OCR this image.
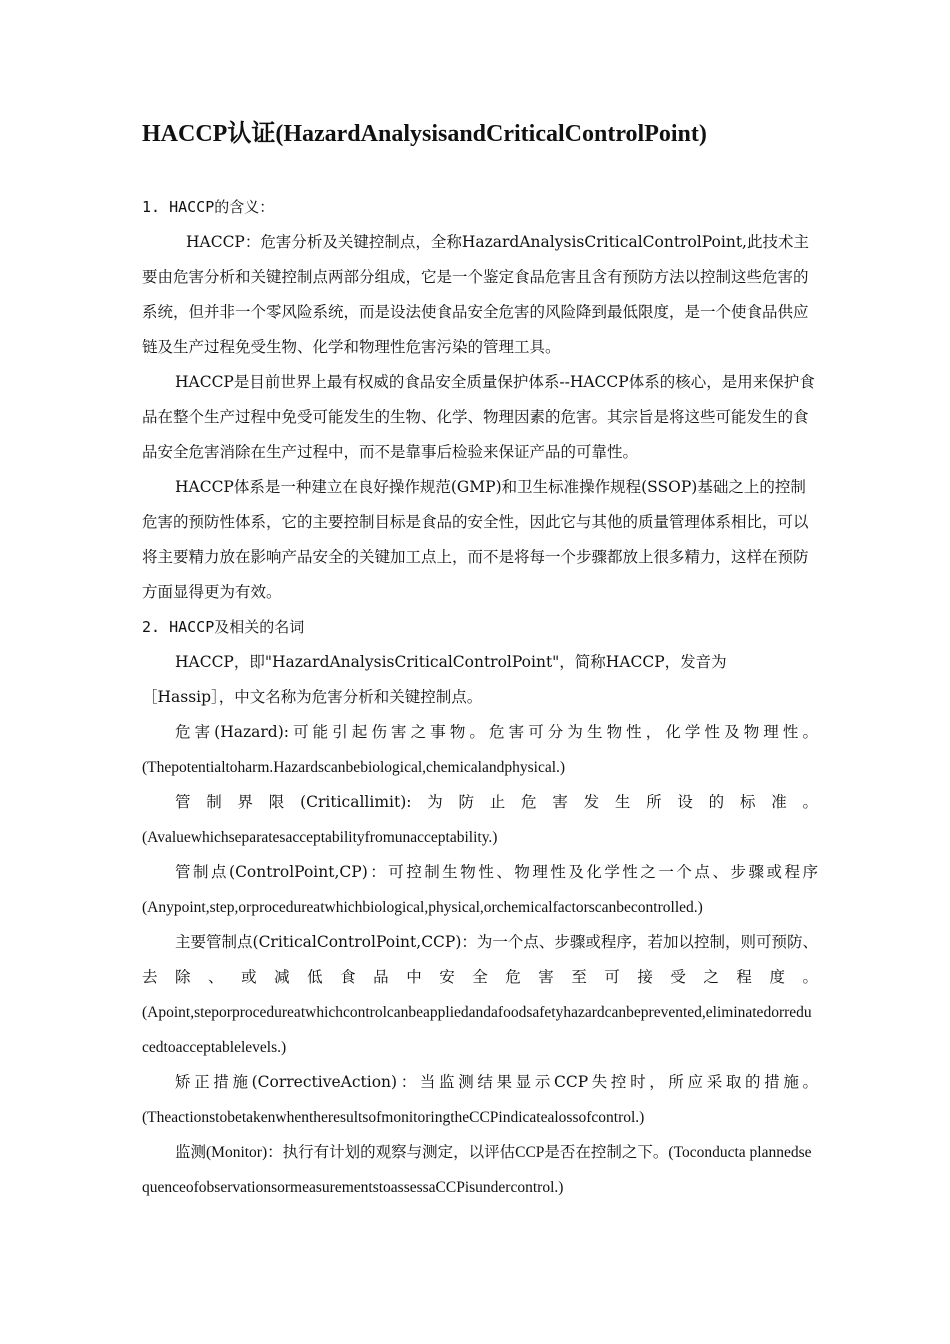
HACCP认证(HazardAnalysisandCriticalControlPoint)

1. HACCP的含义：

HACCP：危害分析及关键控制点，全称HazardAnalysisCriticalControlPoint,此技术主要由危害分析和关键控制点两部分组成，它是一个鉴定食品危害且含有预防方法以控制这些危害的系统，但并非一个零风险系统，而是设法使食品安全危害的风险降到最低限度，是一个使食品供应链及生产过程免受生物、化学和物理性危害污染的管理工具。

HACCP是目前世界上最有权威的食品安全质量保护体系--HACCP体系的核心，是用来保护食品在整个生产过程中免受可能发生的生物、化学、物理因素的危害。其宗旨是将这些可能发生的食品安全危害消除在生产过程中，而不是靠事后检验来保证产品的可靠性。

HACCP体系是一种建立在良好操作规范(GMP)和卫生标准操作规程(SSOP)基础之上的控制危害的预防性体系，它的主要控制目标是食品的安全性，因此它与其他的质量管理体系相比，可以将主要精力放在影响产品安全的关键加工点上，而不是将每一个步骤都放上很多精力，这样在预防方面显得更为有效。

2. HACCP及相关的名词

HACCP，即"HazardAnalysisCriticalControlPoint"，简称HACCP，发音为［Hassip］，中文名称为危害分析和关键控制点。

危害(Hazard):可能引起伤害之事物。危害可分为生物性，化学性及物理性。

(Thepotentialtoharm.Hazardscanbebiological,chemicalandphysical.)

管制界限(Criticallimit):为防止危害发生所设的标准。

(Avaluewhichseparatesacceptabilityfromunacceptability.)

管制点(ControlPoint,CP)：可控制生物性、物理性及化学性之一个点、步骤或程序

(Anypoint,step,orprocedureatwhichbiological,physical,orchemicalfactorscanbecontrolled.)

主要管制点(CriticalControlPoint,CCP)：为一个点、步骤或程序，若加以控制，则可预防、去除、或减低食品中安全危害至可接受之程度。

(Apoint,steporprocedureatwhichcontrolcanbeappliedandafoodsafetyhazardcanbeprevented,eliminatedorreducedtoacceptablelevels.)

矫正措施(CorrectiveAction)：当监测结果显示CCP失控时，所应采取的措施。

(TheactionstobetakenwhentheresultsofmonitoringtheCCPindicatealossofcontrol.)

监测(Monitor)：执行有计划的观察与测定，以评估CCP是否在控制之下。(Toconducta plannedsequenceofobservationsormeasurementstoassessaCCPisundercontrol.)
